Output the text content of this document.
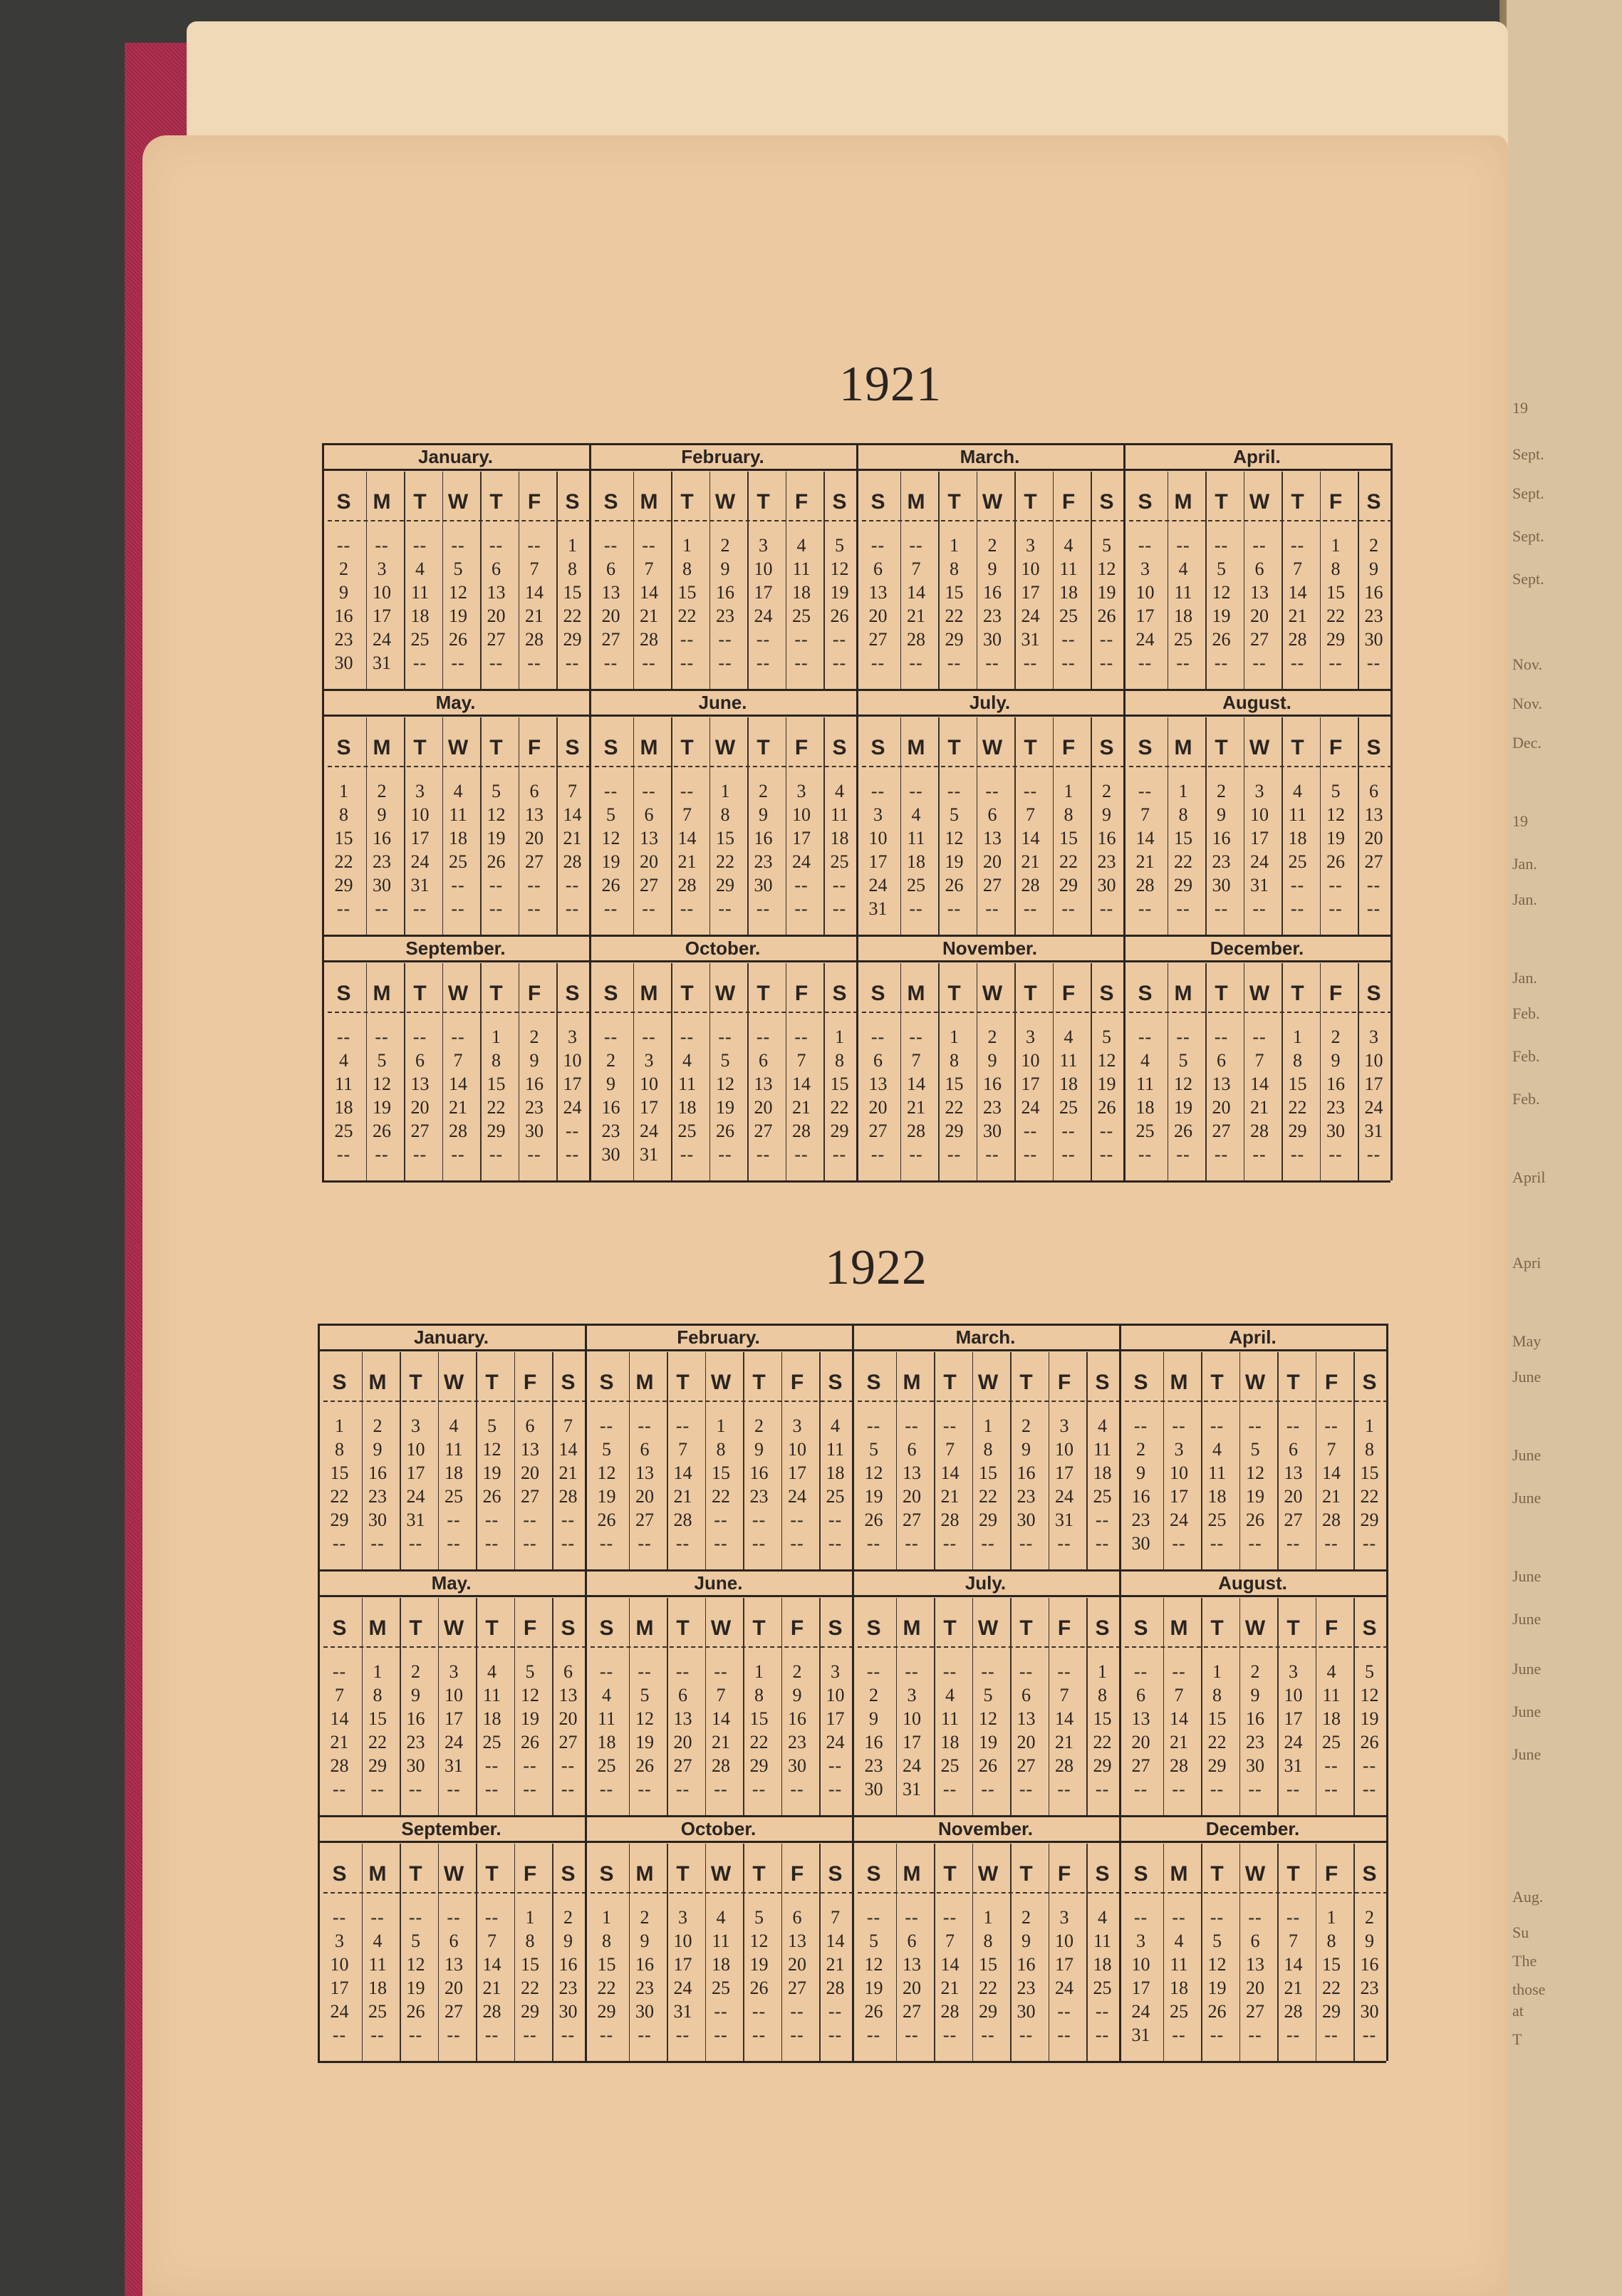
19
Sept.
Sept.
Sept.
Sept.
Nov.
Nov.
Dec.
19
Jan.
Jan.
Jan.
Feb.
Feb.
Feb.
April
Apri
May
June
June
June
June
June
June
June
June
Aug.
Su
The
those
at
T
1921
January.
S M	T	W	T	F	S
--	--	--	--	--	--	1
2	3	4	5	6	7	8
9	10 11 12 13 14 15
16 17 18 19 20 21 22
23 24 25 26 27 28 29
30 31	--	--	--	--	--
February.
S M	T	W	T	F	S
--	--	1	2	3	4	5
6	7	8	9	10 11 12
13 14 15 16 17 18 19
20 21 22 23 24 25 26
27 28	--	--	--	--	--
--	--	--	--	--	--	--
March.
S M	T	W	T	F	S
--	--	1	2	3	4	5
6	7	8	9	10 11 12
13 14 15 16 17 18 19
20 21 22 23 24 25 26
27 28 29 30 31	--	--
--	--	--	--	--	--	--
April.
S M	T	W	T	F	S
--	--	--	--	--	1	2
3	4	5	6	7	8	9
10 11 12 13 14 15 16
17 18 19 20 21 22 23
24 25 26 27 28 29 30
--	--	--	--	--	--	--
May.
S M	T	W	T	F	S
1	2	3	4	5	6	7
8	9	10 11 12 13 14
15 16 17 18 19 20 21
22 23 24 25 26 27 28
29 30 31	--	--	--	--
--	--	--	--	--	--	--
June.
S M	T	W	T	F	S
--	--	--	1	2	3	4
5	6	7	8	9	10 11
12 13 14 15 16 17 18
19 20 21 22 23 24 25
26 27 28 29 30	--	--
--	--	--	--	--	--	--
July.
S M	T	W	T	F	S
--	--	--	--	--	1	2
3	4	5	6	7	8	9
10 11 12 13 14 15 16
17 18 19 20 21 22 23
24 25 26 27 28 29 30
31	--	--	--	--	--	--
August.
S M	T	W	T	F	S
--	1	2	3	4	5	6
7	8	9	10 11 12 13
14 15 16 17 18 19 20
21 22 23 24 25 26 27
28 29 30 31	--	--	--
--	--	--	--	--	--	--
September.
S M	T	W	T	F	S
--	--	--	--	1	2	3
4	5	6	7	8	9	10
11 12 13 14 15 16 17
18 19 20 21 22 23 24
25 26 27 28 29 30	--
--	--	--	--	--	--	--
October.
S M	T	W	T	F	S
--	--	--	--	--	--	1
2	3	4	5	6	7	8
9	10 11 12 13 14 15
16 17 18 19 20 21 22
23 24 25 26 27 28 29
30 31	--	--	--	--	--
November.
S M	T	W	T	F	S
--	--	1	2	3	4	5
6	7	8	9	10 11 12
13 14 15 16 17 18 19
20 21 22 23 24 25 26
27 28 29 30	--	--	--
--	--	--	--	--	--	--
December.
S M	T	W	T	F	S
--	--	--	--	1	2	3
4	5	6	7	8	9	10
11 12 13 14 15 16 17
18 19 20 21 22 23 24
25 26 27 28 29 30 31
--	--	--	--	--	--	--
1922
January.
S M	T	W	T	F	S
1	2	3	4	5	6	7
8	9	10 11 12 13 14
15 16 17 18 19 20 21
22 23 24 25 26 27 28
29 30 31	--	--	--	--
--	--	--	--	--	--	--
February.
S M	T	W	T	F	S
--	--	--	1	2	3	4
5	6	7	8	9	10 11
12 13 14 15 16 17 18
19 20 21 22 23 24 25
26 27 28	--	--	--	--
--	--	--	--	--	--	--
March.
S M	T	W	T	F	S
--	--	--	1	2	3	4
5	6	7	8	9	10 11
12 13 14 15 16 17 18
19 20 21 22 23 24 25
26 27 28 29 30 31	--
--	--	--	--	--	--	--
April.
S M	T	W	T	F	S
--	--	--	--	--	--	1
2	3	4	5	6	7	8
9	10 11 12 13 14 15
16 17 18 19 20 21 22
23 24 25 26 27 28 29
30	--	--	--	--	--	--
May.
S M	T	W	T	F	S
--	1	2	3	4	5	6
7	8	9	10 11 12 13
14 15 16 17 18 19 20
21 22 23 24 25 26 27
28 29 30 31	--	--	--
--	--	--	--	--	--	--
June.
S M	T	W	T	F	S
--	--	--	--	1	2	3
4	5	6	7	8	9	10
11 12 13 14 15 16 17
18 19 20 21 22 23 24
25 26 27 28 29 30	--
--	--	--	--	--	--	--
July.
S M	T	W	T	F	S
--	--	--	--	--	--	1
2	3	4	5	6	7	8
9	10 11 12 13 14 15
16 17 18 19 20 21 22
23 24 25 26 27 28 29
30 31	--	--	--	--	--
August.
S M	T	W	T	F	S
--	--	1	2	3	4	5
6	7	8	9	10 11 12
13 14 15 16 17 18 19
20 21 22 23 24 25 26
27 28 29 30 31	--	--
--	--	--	--	--	--	--
September.
S M	T	W	T	F	S
--	--	--	--	--	1	2
3	4	5	6	7	8	9
10 11 12 13 14 15 16
17 18 19 20 21 22 23
24 25 26 27 28 29 30
--	--	--	--	--	--	--
October.
S M	T	W	T	F	S
1	2	3	4	5	6	7
8	9	10 11 12 13 14
15 16 17 18 19 20 21
22 23 24 25 26 27 28
29 30 31	--	--	--	--
--	--	--	--	--	--	--
November.
S M	T	W	T	F	S
--	--	--	1	2	3	4
5	6	7	8	9	10 11
12 13 14 15 16 17 18
19 20 21 22 23 24 25
26 27 28 29 30	--	--
--	--	--	--	--	--	--
December.
S M	T	W	T	F	S
--	--	--	--	--	1	2
3	4	5	6	7	8	9
10 11 12 13 14 15 16
17 18 19 20 21 22 23
24 25 26 27 28 29 30
31	--	--	--	--	--	--
